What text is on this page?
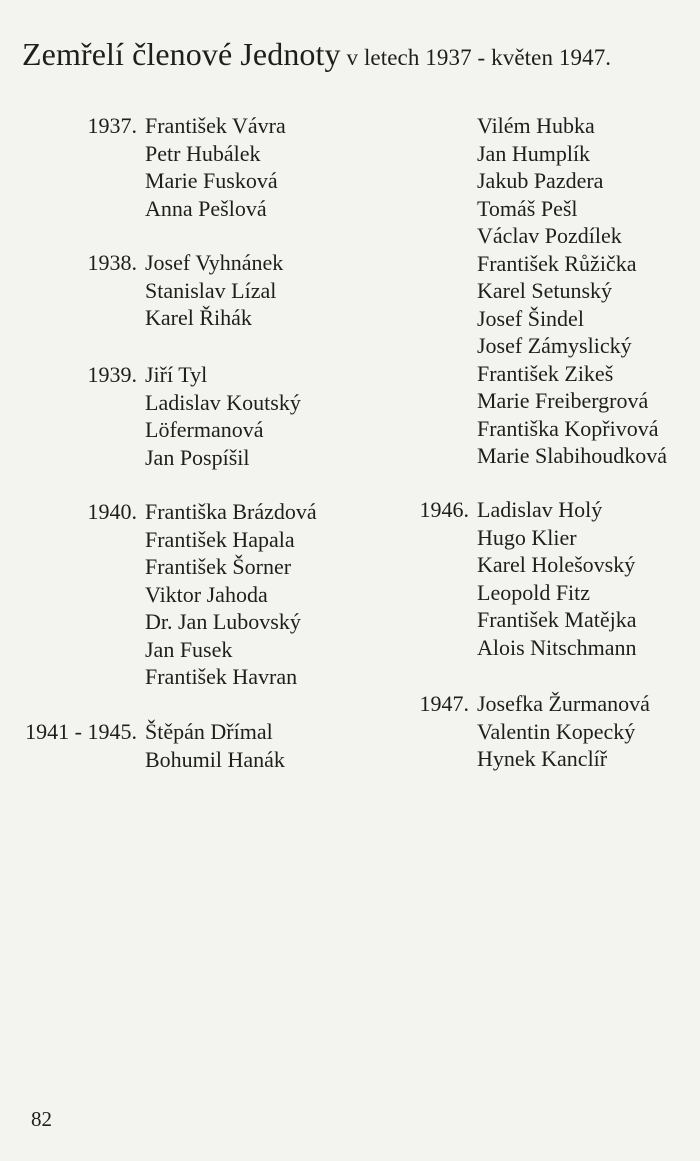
Zemřelí členové Jednoty v letech 1937 - květen 1947.
1937. František Vávra
Petr Hubálek
Marie Fusková
Anna Pešlová
1938. Josef Vyhnánek
Stanislav Lízal
Karel Řihák
1939. Jiří Tyl
Ladislav Koutský
Löfermanová
Jan Pospíšil
1940. Františka Brázdová
František Hapala
František Šorner
Viktor Jahoda
Dr. Jan Lubovský
Jan Fusek
František Havran
1941 - 1945. Štěpán Dřímal
Bohumil Hanák
Vilém Hubka
Jan Humplík
Jakub Pazdera
Tomáš Pešl
Václav Pozdílek
František Růžička
Karel Setunský
Josef Šindel
Josef Zámyslický
František Zikeš
Marie Freibergrová
Františka Kopřivová
Marie Slabihoudková
1946. Ladislav Holý
Hugo Klier
Karel Holešovský
Leopold Fitz
František Matějka
Alois Nitschmann
1947. Josefka Žurmanová
Valentin Kopecký
Hynek Kanclíř
82
